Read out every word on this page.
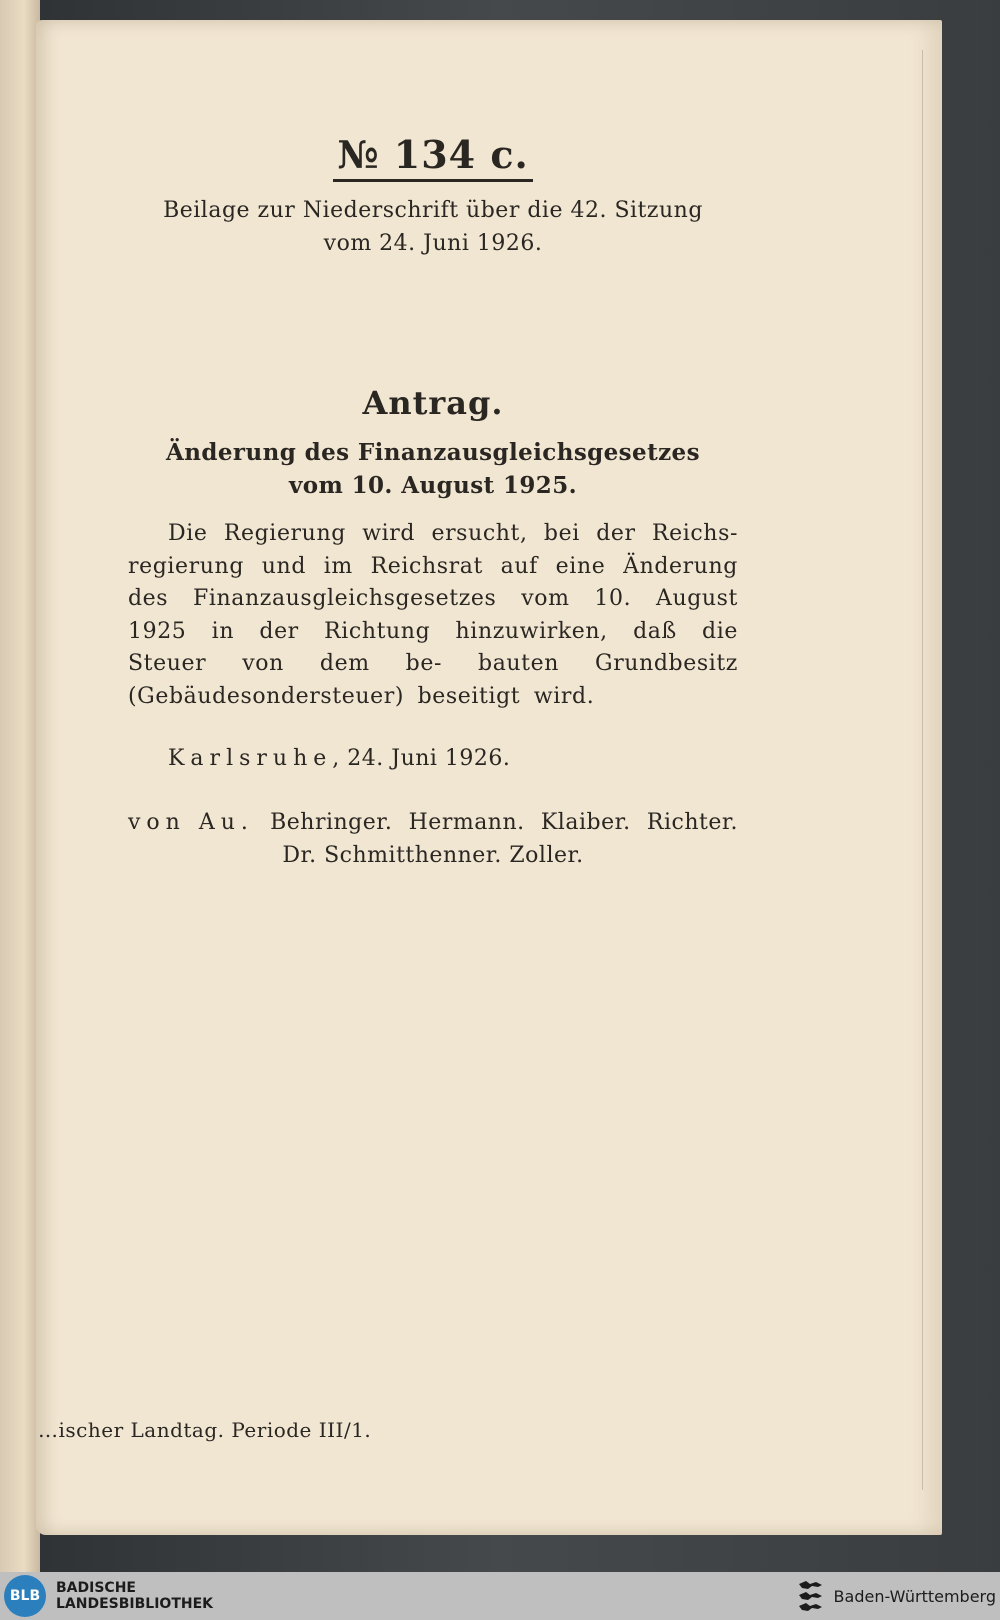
№ 134 c.
Beilage zur Niederschrift über die 42. Sitzung
vom 24. Juni 1926.
Antrag.
Änderung des Finanzausgleichsgesetzes
vom 10. August 1925.
Die Regierung wird ersucht, bei der Reichs- regierung und im Reichsrat auf eine Änderung des Finanzausgleichsgesetzes vom 10. August 1925 in der Richtung hinzuwirken, daß die Steuer von dem be- bauten Grundbesitz (Gebäudesondersteuer) beseitigt wird.
Karlsruhe, 24. Juni 1926.
von Au. Behringer. Hermann. Klaiber. Richter.
Dr. Schmitthenner. Zoller.
…ischer Landtag. Periode III/1.
BLB	BADISCHE
LANDESBIBLIOTHEK	Baden-Württemberg
